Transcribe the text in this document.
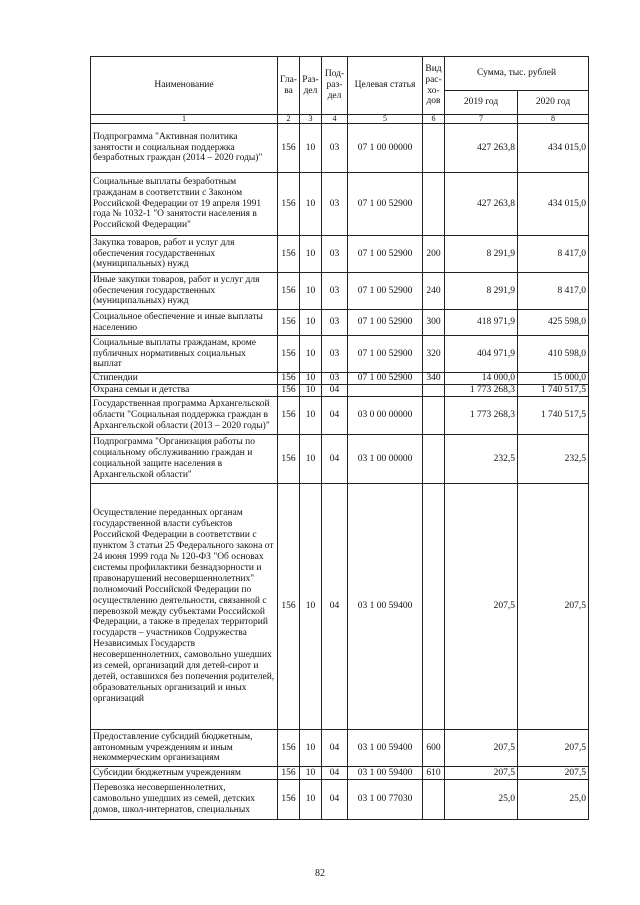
Наименование	Гла-ва	Раз-дел	Под-раз-дел	Целевая статья	Вид рас-хо-дов	Сумма, тыс. рублей	
						2019 год	2020 год
1	2	3	4	5	6	7	8
Подпрограмма "Активная политика занятости и социальная поддержка безработных граждан (2014 – 2020 годы)"	156	10	03	07 1 00 00000		427 263,8	434 015,0
Социальные выплаты безработным гражданам в соответствии с Законом Российской Федерации от 19 апреля 1991 года № 1032-1 "О занятости населения в Российской Федерации"	156	10	03	07 1 00 52900		427 263,8	434 015,0
Закупка товаров, работ и услуг для обеспечения государственных (муниципальных) нужд	156	10	03	07 1 00 52900	200	8 291,9	8 417,0
Иные закупки товаров, работ и услуг для обеспечения государственных (муниципальных) нужд	156	10	03	07 1 00 52900	240	8 291,9	8 417,0
Социальное обеспечение и иные выплаты населению	156	10	03	07 1 00 52900	300	418 971,9	425 598,0
Социальные выплаты гражданам, кроме публичных нормативных социальных выплат	156	10	03	07 1 00 52900	320	404 971,9	410 598,0
Стипендии	156	10	03	07 1 00 52900	340	14 000,0	15 000,0
Охрана семьи и детства	156	10	04			1 773 268,3	1 740 517,5
Государственная программа Архангельской области "Социальная поддержка граждан в Архангельской области (2013 – 2020 годы)"	156	10	04	03 0 00 00000		1 773 268,3	1 740 517,5
Подпрограмма "Организация работы по социальному обслуживанию граждан и социальной защите населения в Архангельской области"	156	10	04	03 1 00 00000		232,5	232,5
Осуществление переданных органам государственной власти субъектов Российской Федерации в соответствии с пунктом 3 статьи 25 Федерального закона от 24 июня 1999 года № 120-ФЗ "Об основах системы профилактики безнадзорности и правонарушений несовершеннолетних" полномочий Российской Федерации по осуществлению деятельности, связанной с перевозкой между субъектами Российской Федерации, а также в пределах территорий государств – участников Содружества Независимых Государств несовершеннолетних, самовольно ушедших из семей, организаций для детей-сирот и детей, оставшихся без попечения родителей, образовательных организаций и иных организаций	156	10	04	03 1 00 59400		207,5	207,5
Предоставление субсидий бюджетным, автономным учреждениям и иным некоммерческим организациям	156	10	04	03 1 00 59400	600	207,5	207,5
Субсидии бюджетным учреждениям	156	10	04	03 1 00 59400	610	207,5	207,5
Перевозка несовершеннолетних, самовольно ушедших из семей, детских домов, школ-интернатов, специальных	156	10	04	03 1 00 77030		25,0	25,0
82
